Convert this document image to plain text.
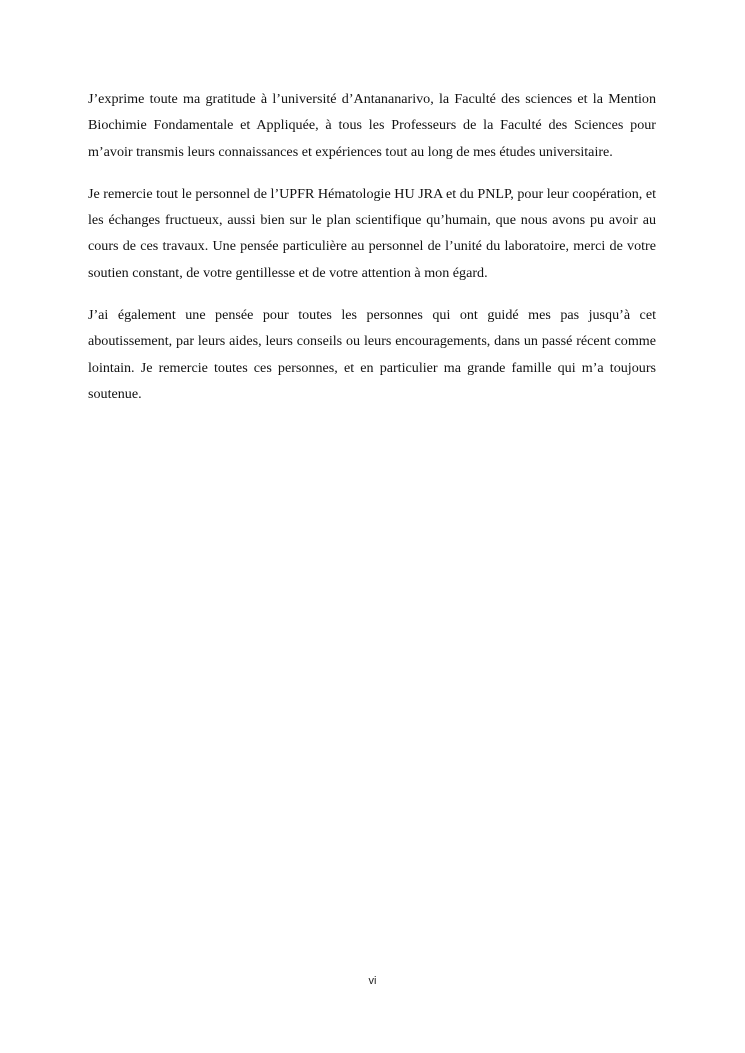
J’exprime toute ma gratitude à l’université d’Antananarivo, la Faculté des sciences et la Mention Biochimie Fondamentale et Appliquée, à tous les Professeurs de la Faculté des Sciences pour m’avoir transmis leurs connaissances et expériences tout au long de mes études universitaire.

Je remercie tout le personnel de l’UPFR Hématologie HU JRA et du PNLP, pour leur coopération, et les échanges fructueux, aussi bien sur le plan scientifique qu’humain, que nous avons pu avoir au cours de ces travaux. Une pensée particulière au personnel de l’unité du laboratoire, merci de votre soutien constant, de votre gentillesse et de votre attention à mon égard.

J’ai également une pensée pour toutes les personnes qui ont guidé mes pas jusqu’à cet aboutissement, par leurs aides, leurs conseils ou leurs encouragements, dans un passé récent comme lointain. Je remercie toutes ces personnes, et en particulier ma grande famille qui m’a toujours soutenue.

vi
